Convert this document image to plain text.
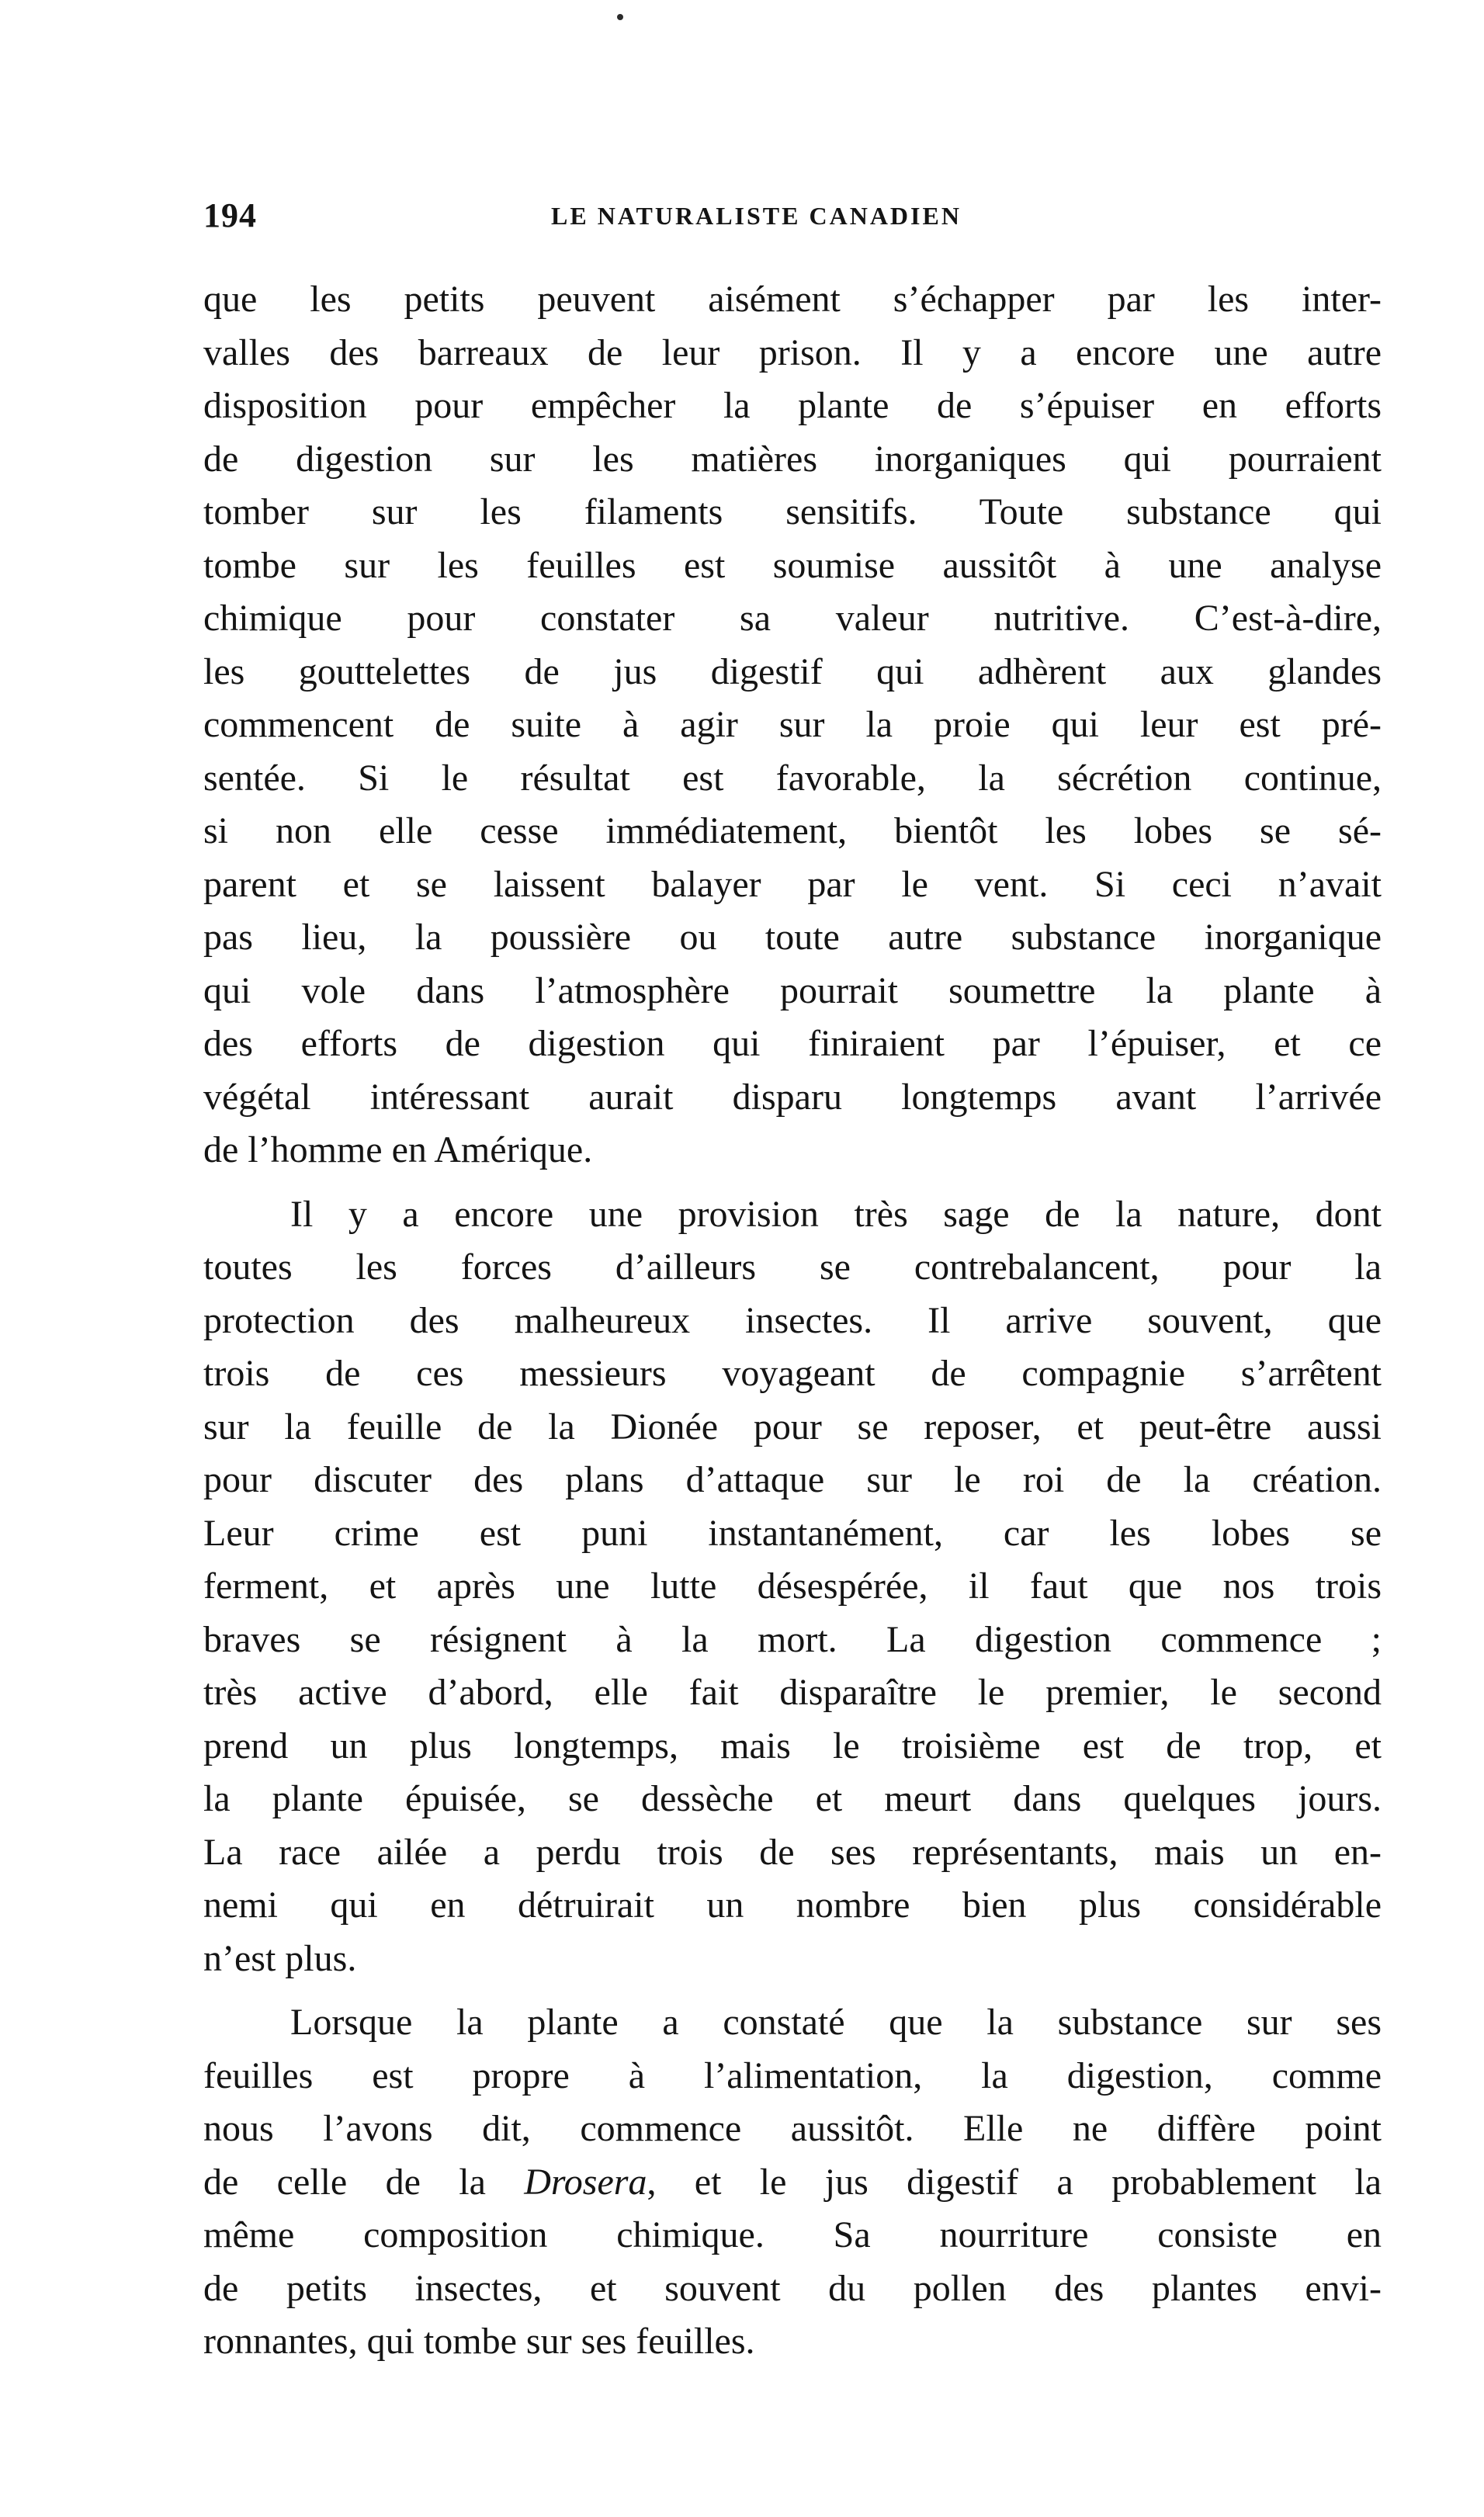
194	LE NATURALISTE CANADIEN
que les petits peuvent aisément s’échapper par les inter-
valles des barreaux de leur prison. Il y a encore une autre
disposition pour empêcher la plante de s’épuiser en efforts
de digestion sur les matières inorganiques qui pourraient
tomber sur les filaments sensitifs. Toute substance qui
tombe sur les feuilles est soumise aussitôt à une analyse
chimique pour constater sa valeur nutritive. C’est-à-dire,
les gouttelettes de jus digestif qui adhèrent aux glandes
commencent de suite à agir sur la proie qui leur est pré-
sentée. Si le résultat est favorable, la sécrétion continue,
si non elle cesse immédiatement, bientôt les lobes se sé-
parent et se laissent balayer par le vent. Si ceci n’avait
pas lieu, la poussière ou toute autre substance inorganique
qui vole dans l’atmosphère pourrait soumettre la plante à
des efforts de digestion qui finiraient par l’épuiser, et ce
végétal intéressant aurait disparu longtemps avant l’arrivée
de l’homme en Amérique.
Il y a encore une provision très sage de la nature, dont
toutes les forces d’ailleurs se contrebalancent, pour la
protection des malheureux insectes. Il arrive souvent, que
trois de ces messieurs voyageant de compagnie s’arrêtent
sur la feuille de la Dionée pour se reposer, et peut-être aussi
pour discuter des plans d’attaque sur le roi de la création.
Leur crime est puni instantanément, car les lobes se
ferment, et après une lutte désespérée, il faut que nos trois
braves se résignent à la mort. La digestion commence ;
très active d’abord, elle fait disparaître le premier, le second
prend un plus longtemps, mais le troisième est de trop, et
la plante épuisée, se dessèche et meurt dans quelques jours.
La race ailée a perdu trois de ses représentants, mais un en-
nemi qui en détruirait un nombre bien plus considérable
n’est plus.
Lorsque la plante a constaté que la substance sur ses
feuilles est propre à l’alimentation, la digestion, comme
nous l’avons dit, commence aussitôt. Elle ne diffère point
de celle de la Drosera, et le jus digestif a probablement la
même composition chimique. Sa nourriture consiste en
de petits insectes, et souvent du pollen des plantes envi-
ronnantes, qui tombe sur ses feuilles.
